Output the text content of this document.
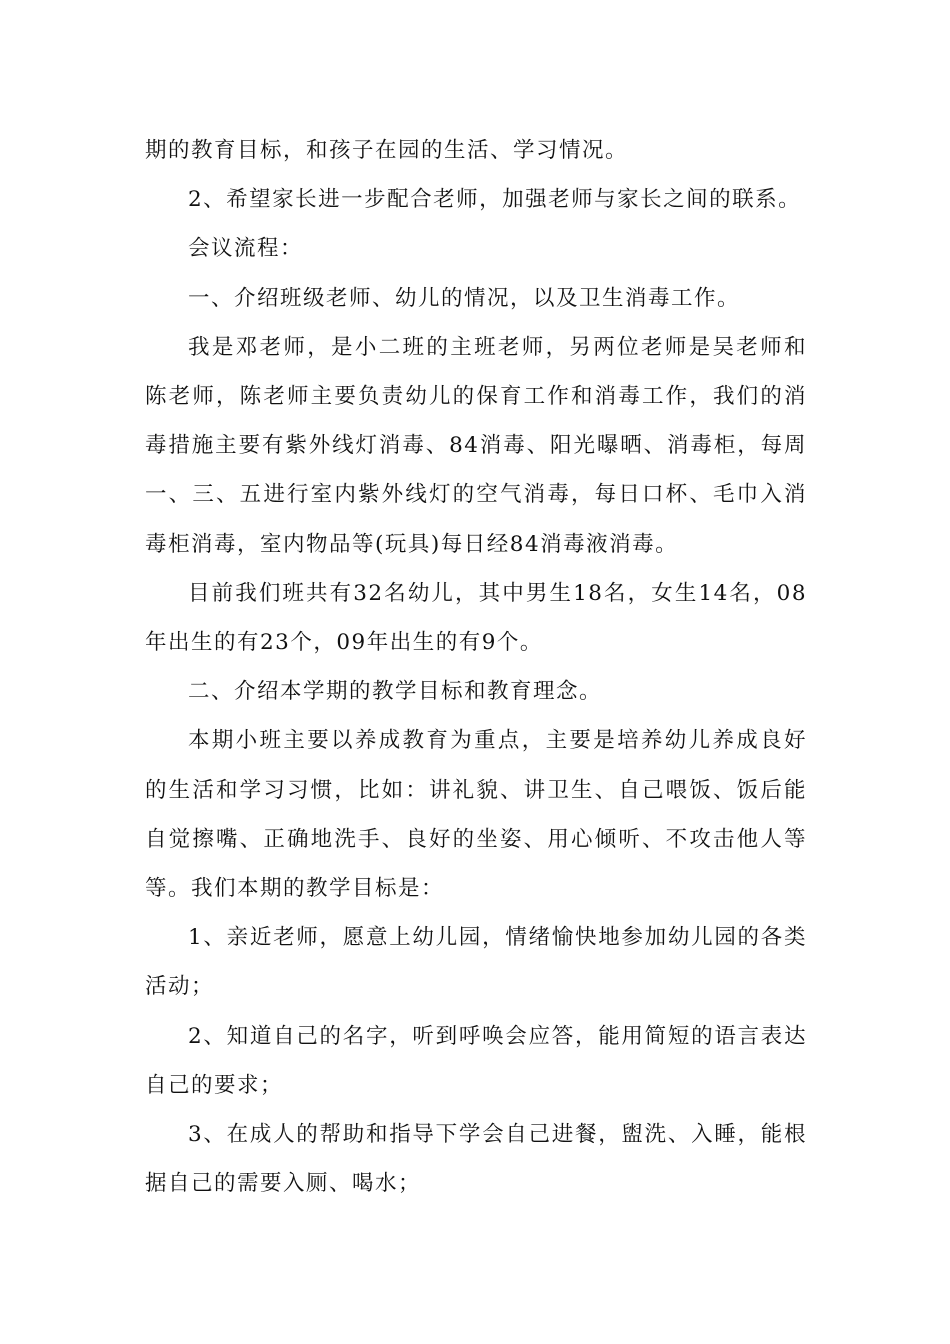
期的教育目标，和孩子在园的生活、学习情况。

2、希望家长进一步配合老师，加强老师与家长之间的联系。

会议流程：

一、介绍班级老师、幼儿的情况，以及卫生消毒工作。

我是邓老师，是小二班的主班老师，另两位老师是吴老师和陈老师，陈老师主要负责幼儿的保育工作和消毒工作，我们的消毒措施主要有紫外线灯消毒、84消毒、阳光曝晒、消毒柜，每周一、三、五进行室内紫外线灯的空气消毒，每日口杯、毛巾入消毒柜消毒，室内物品等(玩具)每日经84消毒液消毒。

目前我们班共有32名幼儿，其中男生18名，女生14名，08年出生的有23个，09年出生的有9个。

二、介绍本学期的教学目标和教育理念。

本期小班主要以养成教育为重点，主要是培养幼儿养成良好的生活和学习习惯，比如：讲礼貌、讲卫生、自己喂饭、饭后能自觉擦嘴、正确地洗手、良好的坐姿、用心倾听、不攻击他人等等。我们本期的教学目标是：

1、亲近老师，愿意上幼儿园，情绪愉快地参加幼儿园的各类活动；

2、知道自己的名字，听到呼唤会应答，能用简短的语言表达自己的要求；

3、在成人的帮助和指导下学会自己进餐，盥洗、入睡，能根据自己的需要入厕、喝水；
